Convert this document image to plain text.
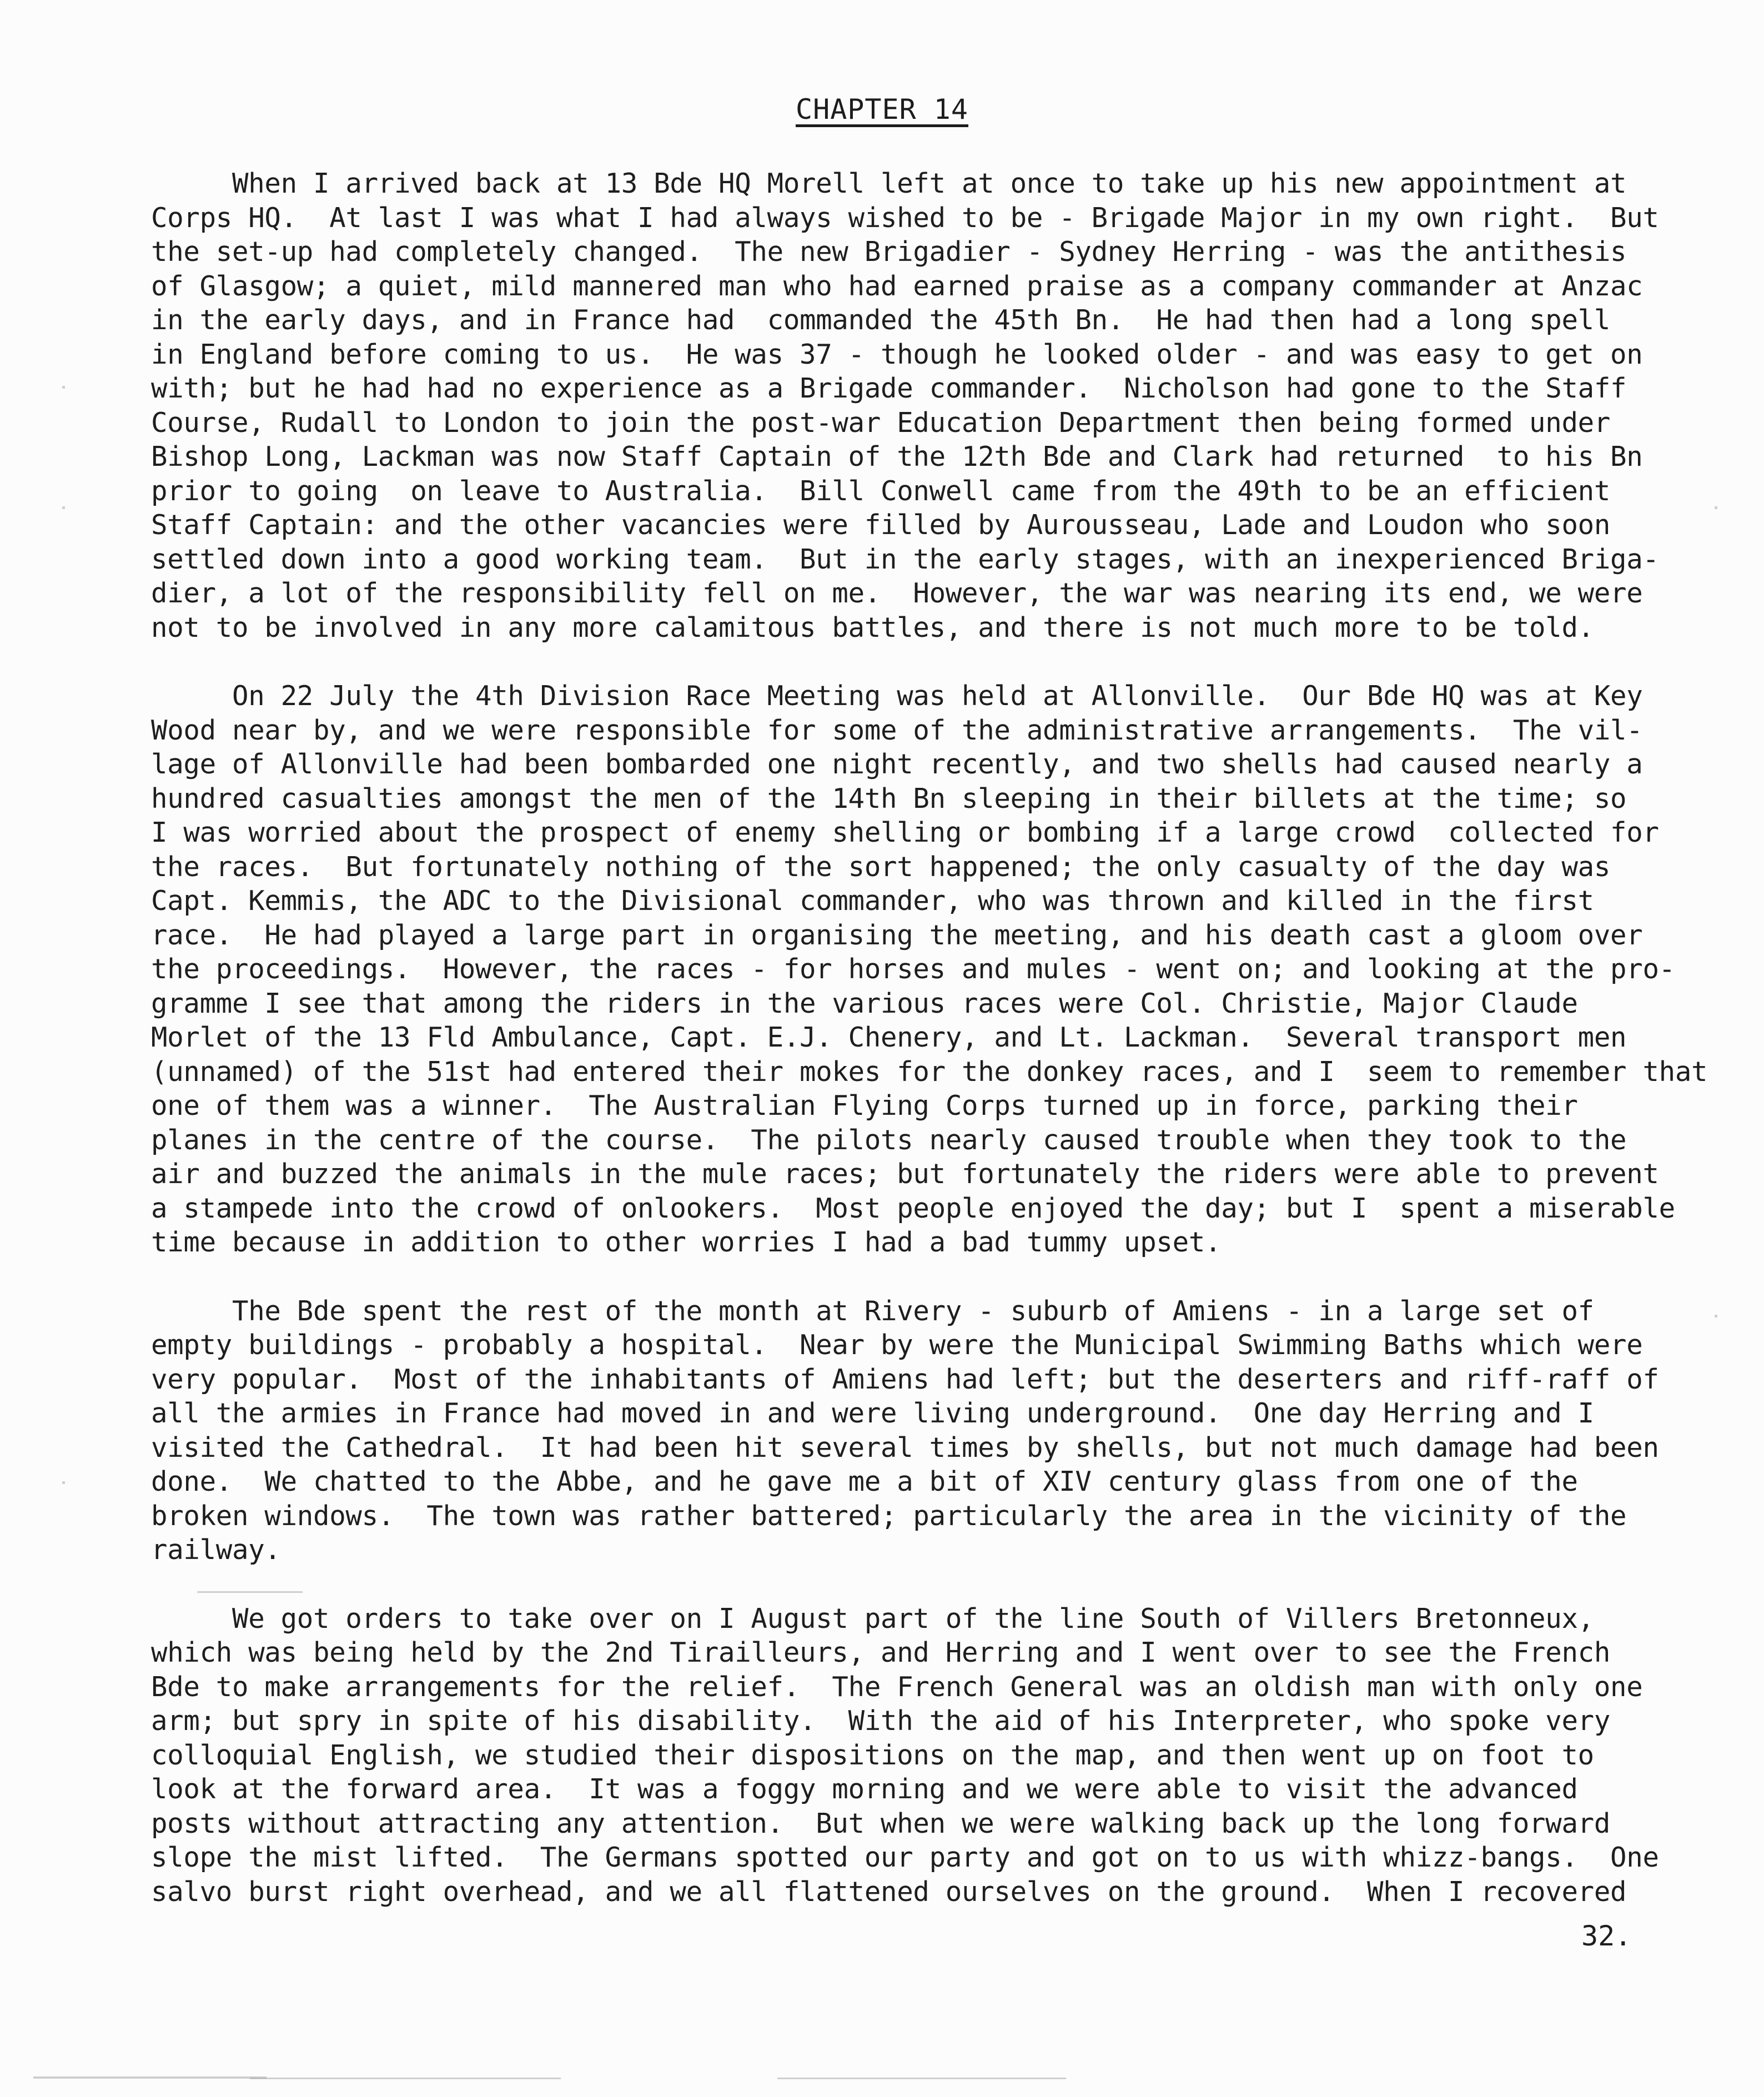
CHAPTER 14
When I arrived back at 13 Bde HQ Morell left at once to take up his new appointment at
Corps HQ.  At last I was what I had always wished to be - Brigade Major in my own right.  But
the set-up had completely changed.  The new Brigadier - Sydney Herring - was the antithesis
of Glasgow; a quiet, mild mannered man who had earned praise as a company commander at Anzac
in the early days, and in France had  commanded the 45th Bn.  He had then had a long spell
in England before coming to us.  He was 37 - though he looked older - and was easy to get on
with; but he had had no experience as a Brigade commander.  Nicholson had gone to the Staff
Course, Rudall to London to join the post-war Education Department then being formed under
Bishop Long, Lackman was now Staff Captain of the 12th Bde and Clark had returned  to his Bn
prior to going  on leave to Australia.  Bill Conwell came from the 49th to be an efficient
Staff Captain: and the other vacancies were filled by Aurousseau, Lade and Loudon who soon
settled down into a good working team.  But in the early stages, with an inexperienced Briga-
dier, a lot of the responsibility fell on me.  However, the war was nearing its end, we were
not to be involved in any more calamitous battles, and there is not much more to be told.
On 22 July the 4th Division Race Meeting was held at Allonville.  Our Bde HQ was at Key
Wood near by, and we were responsible for some of the administrative arrangements.  The vil-
lage of Allonville had been bombarded one night recently, and two shells had caused nearly a
hundred casualties amongst the men of the 14th Bn sleeping in their billets at the time; so
I was worried about the prospect of enemy shelling or bombing if a large crowd  collected for
the races.  But fortunately nothing of the sort happened; the only casualty of the day was
Capt. Kemmis, the ADC to the Divisional commander, who was thrown and killed in the first
race.  He had played a large part in organising the meeting, and his death cast a gloom over
the proceedings.  However, the races - for horses and mules - went on; and looking at the pro-
gramme I see that among the riders in the various races were Col. Christie, Major Claude
Morlet of the 13 Fld Ambulance, Capt. E.J. Chenery, and Lt. Lackman.  Several transport men
(unnamed) of the 51st had entered their mokes for the donkey races, and I  seem to remember that
one of them was a winner.  The Australian Flying Corps turned up in force, parking their
planes in the centre of the course.  The pilots nearly caused trouble when they took to the
air and buzzed the animals in the mule races; but fortunately the riders were able to prevent
a stampede into the crowd of onlookers.  Most people enjoyed the day; but I  spent a miserable
time because in addition to other worries I had a bad tummy upset.
The Bde spent the rest of the month at Rivery - suburb of Amiens - in a large set of
empty buildings - probably a hospital.  Near by were the Municipal Swimming Baths which were
very popular.  Most of the inhabitants of Amiens had left; but the deserters and riff-raff of
all the armies in France had moved in and were living underground.  One day Herring and I
visited the Cathedral.  It had been hit several times by shells, but not much damage had been
done.  We chatted to the Abbe, and he gave me a bit of XIV century glass from one of the
broken windows.  The town was rather battered; particularly the area in the vicinity of the
railway.
We got orders to take over on I August part of the line South of Villers Bretonneux,
which was being held by the 2nd Tirailleurs, and Herring and I went over to see the French
Bde to make arrangements for the relief.  The French General was an oldish man with only one
arm; but spry in spite of his disability.  With the aid of his Interpreter, who spoke very
colloquial English, we studied their dispositions on the map, and then went up on foot to
look at the forward area.  It was a foggy morning and we were able to visit the advanced
posts without attracting any attention.  But when we were walking back up the long forward
slope the mist lifted.  The Germans spotted our party and got on to us with whizz-bangs.  One
salvo burst right overhead, and we all flattened ourselves on the ground.  When I recovered
32.
